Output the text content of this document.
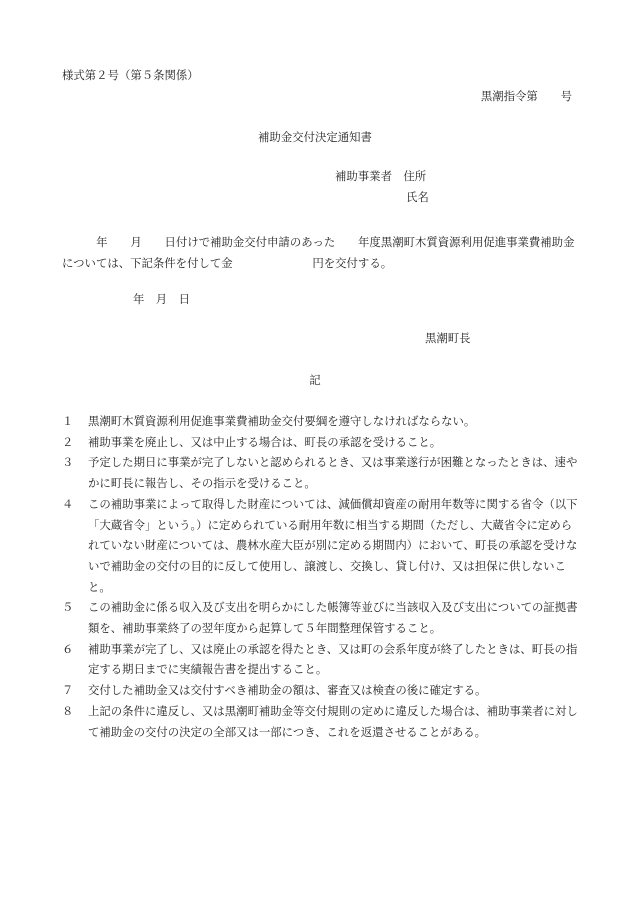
様式第２号（第５条関係）
黒潮指令第　　号
補助金交付決定通知書
補助事業者　 住所
氏名
　　　年　　月　　日付けで補助金交付申請のあった　　年度黒潮町木質資源利用促進事業費補助金については、下記条件を付して金　　　　　　　円を交付する。
年　月　日
黒潮町長
記

１ 黒潮町木質資源利用促進事業費補助金交付要綱を遵守しなければならない。

２ 補助事業を廃止し、又は中止する場合は、町長の承認を受けること。

３ 予定した期日に事業が完了しないと認められるとき、又は事業遂行が困難となったときは、速やかに町長に報告し、その指示を受けること。

４ この補助事業によって取得した財産については、減価償却資産の耐用年数等に関する省令（以下「大蔵省令」という。）に定められている耐用年数に相当する期間（ただし、大蔵省令に定められていない財産については、農林水産大臣が別に定める期間内）において、町長の承認を受けないで補助金の交付の目的に反して使用し、譲渡し、交換し、貸し付け、又は担保に供しないこと。

５ この補助金に係る収入及び支出を明らかにした帳簿等並びに当該収入及び支出についての証拠書類を、補助事業終了の翌年度から起算して５年間整理保管すること。

６ 補助事業が完了し、又は廃止の承認を得たとき、又は町の会系年度が終了したときは、町長の指定する期日までに実績報告書を提出すること。

７ 交付した補助金又は交付すべき補助金の額は、審査又は検査の後に確定する。

８ 上記の条件に違反し、又は黒潮町補助金等交付規則の定めに違反した場合は、補助事業者に対して補助金の交付の決定の全部又は一部につき、これを返還させることがある。
